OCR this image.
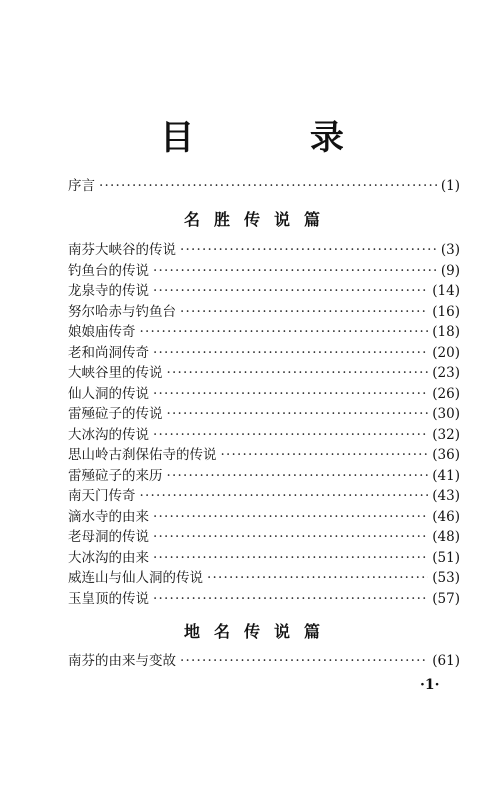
目 录
序言 ·····	(1)
名胜传说篇
南芬大峡谷的传说 ·····	(3)
钓鱼台的传说 ·····	(9)
龙泉寺的传说 ·····	(14)
努尔哈赤与钓鱼台 ·····	(16)
娘娘庙传奇 ·····	(18)
老和尚洞传奇 ·····	(20)
大峡谷里的传说 ·····	(23)
仙人洞的传说 ·····	(26)
雷殛砬子的传说 ·····	(30)
大冰沟的传说 ·····	(32)
思山岭古刹保佑寺的传说 ·····	(36)
雷殛砬子的来历 ·····	(41)
南天门传奇 ·····	(43)
滴水寺的由来 ·····	(46)
老母洞的传说 ·····	(48)
大冰沟的由来 ·····	(51)
威连山与仙人洞的传说 ·····	(53)
玉皇顶的传说 ·····	(57)
地名传说篇
南芬的由来与变故 ·····	(61)
·1·
